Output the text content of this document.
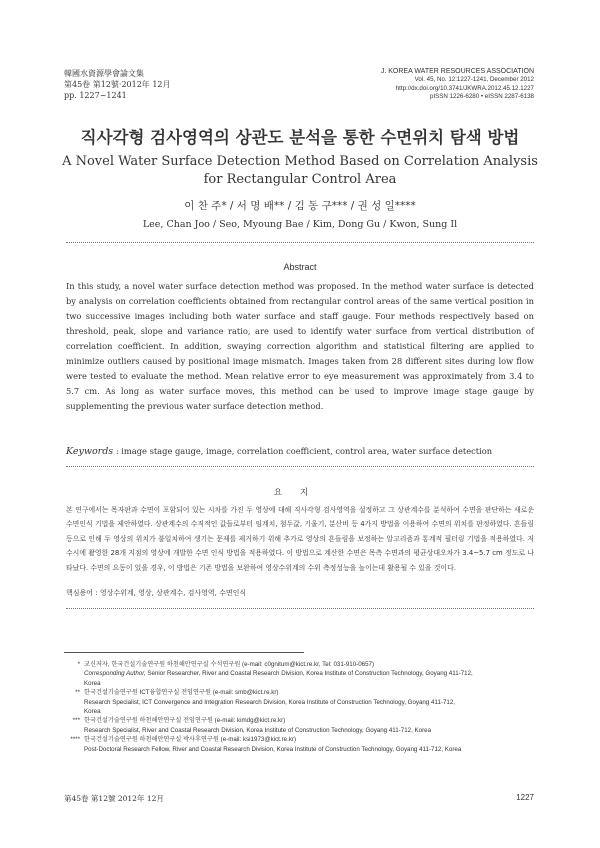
韓國水資源學會論文集
第45卷 第12號·2012年 12月
pp. 1227~1241
J. KOREA WATER RESOURCES ASSOCIATION
Vol. 45, No. 12:1227-1241, December 2012
http://dx.doi.org/10.3741/JKWRA.2012.45.12.1227
pISSN 1226-6280 • eISSN 2287-6138
직사각형 검사영역의 상관도 분석을 통한 수면위치 탐색 방법
A Novel Water Surface Detection Method Based on Correlation Analysis for Rectangular Control Area
이 찬 주* / 서 명 배** / 김 동 구*** / 권 성 일****
Lee, Chan Joo / Seo, Myoung Bae / Kim, Dong Gu / Kwon, Sung Il
Abstract
In this study, a novel water surface detection method was proposed. In the method water surface is detected by analysis on correlation coefficients obtained from rectangular control areas of the same vertical position in two successive images including both water surface and staff gauge. Four methods respectively based on threshold, peak, slope and variance ratio, are used to identify water surface from vertical distribution of correlation coefficient. In addition, swaying correction algorithm and statistical filtering are applied to minimize outliers caused by positional image mismatch. Images taken from 28 different sites during low flow were tested to evaluate the method. Mean relative error to eye measurement was approximately from 3.4 to 5.7 cm. As long as water surface moves, this method can be used to improve image stage gauge by supplementing the previous water surface detection method.
Keywords : image stage gauge, image, correlation coefficient, control area, water surface detection
요지
본 연구에서는 목자판과 수면이 포함되어 있는 시차를 가진 두 영상에 대해 직사각형 검사영역을 설정하고 그 상관계수를 분석하여 수면을 판단하는 새로운 수면인식 기법을 제안하였다. 상관계수의 수직적인 값들로부터 임계치, 첨두값, 기울기, 분산비 등 4가지 방법을 이용하여 수면의 위치를 판정하였다. 흔들림 등으로 인해 두 영상의 위치가 불일치하여 생기는 문제를 제거하기 위해 추가로 영상의 흔들림을 보정하는 알고리즘과 통계적 필터링 기법을 적용하였다. 저수시에 촬영한 28개 지점의 영상에 개발한 수면 인식 방법을 적용하였다. 이 방법으로 계산한 수면은 목측 수면과의 평균상대오차가 3.4~5.7 cm 정도로 나타났다. 수면의 요동이 있을 경우, 이 방법은 기존 방법을 보완하여 영상수위계의 수위 측정성능을 높이는데 활용될 수 있을 것이다.
핵심용어 : 영상수위계, 영상, 상관계수, 검사영역, 수면인식
* 교신저자, 한국건설기술연구원 하천해안연구실 수석연구원 (e-mail: c0gnitum@kict.re.kr, Tel: 031-910-0657)
Corresponding Author, Senior Researcher, River and Coastal Research Division, Korea Institute of Construction Technology, Goyang 411-712,
Korea
** 한국건설기술연구원 ICT융합연구실 전임연구원 (e-mail: smb@kict.re.kr)
Research Specialist, ICT Convergence and Integration Research Division, Korea Institute of Construction Technology, Goyang 411-712,
Korea
*** 한국건설기술연구원 하천해안연구실 전임연구원 (e-mail: kimdg@kict.re.kr)
Research Specialist, River and Coastal Research Division, Korea Institute of Construction Technology, Goyang 411-712, Korea
**** 한국건설기술연구원 하천해안연구실 박사후연구원 (e-mail: ksi1973@kict.re.kr)
Post-Doctoral Research Fellow, River and Coastal Research Division, Korea Institute of Construction Technology, Goyang 411-712, Korea
第45卷 第12號 2012年 12月	1227
